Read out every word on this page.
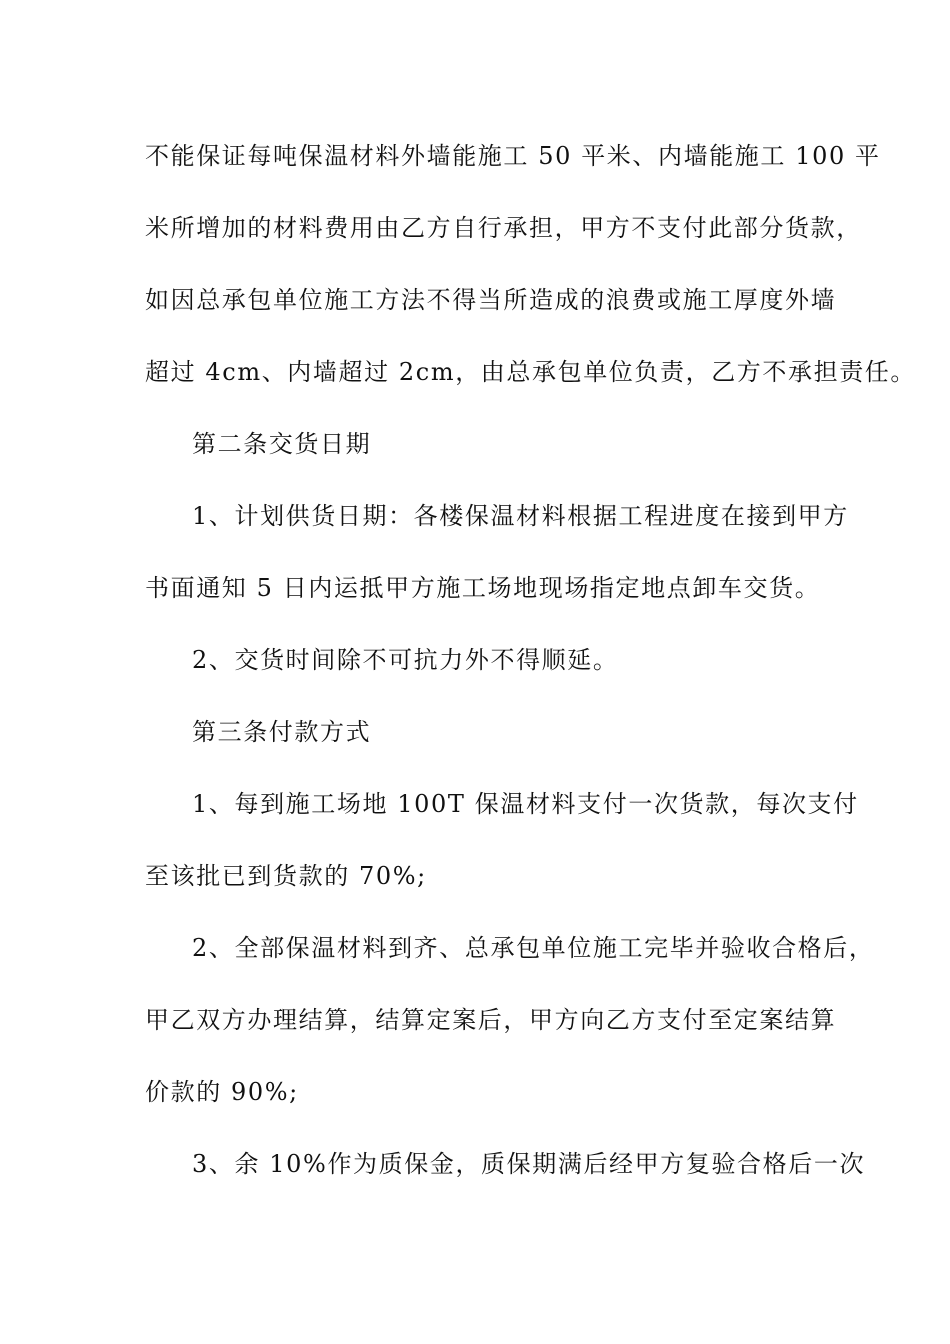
不能保证每吨保温材料外墙能施工 50 平米、内墙能施工 100 平
米所增加的材料费用由乙方自行承担，甲方不支付此部分货款，
如因总承包单位施工方法不得当所造成的浪费或施工厚度外墙
超过 4cm、内墙超过 2cm，由总承包单位负责，乙方不承担责任。
第二条交货日期
1、计划供货日期：各楼保温材料根据工程进度在接到甲方
书面通知 5 日内运抵甲方施工场地现场指定地点卸车交货。
2、交货时间除不可抗力外不得顺延。
第三条付款方式
1、每到施工场地 100T 保温材料支付一次货款，每次支付
至该批已到货款的 70%;
2、全部保温材料到齐、总承包单位施工完毕并验收合格后，
甲乙双方办理结算，结算定案后，甲方向乙方支付至定案结算
价款的 90%;
3、余 10%作为质保金，质保期满后经甲方复验合格后一次
